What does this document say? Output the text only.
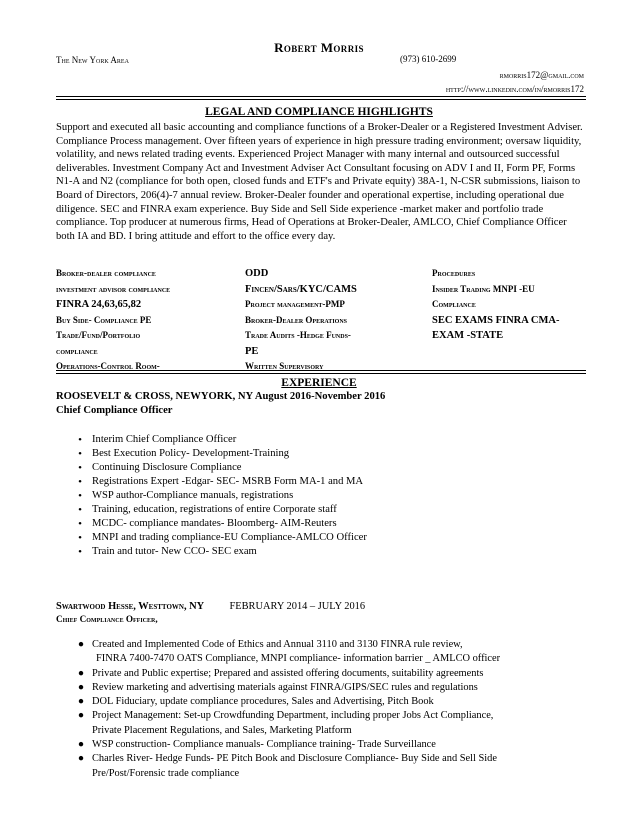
Robert Morris
The New York Area	(973) 610-2699
rmorris172@gmail.com
http://www.linkedin.com/in/rmorris172
LEGAL AND COMPLIANCE HIGHLIGHTS
Support and executed all basic accounting and compliance functions of a Broker-Dealer or a Registered Investment Adviser. Compliance Process management. Over fifteen years of experience in high pressure trading environment; oversaw liquidity, volatility, and news related trading events. Experienced Project Manager with many internal and outsourced successful deliverables. Investment Company Act and Investment Adviser Act Consultant focusing on ADV I and II, Form PF, Forms N1-A and N2 (compliance for both open, closed funds and ETF's and Private equity) 38A-1, N-CSR submissions, liaison to Board of Directors, 206(4)-7 annual review. Broker-Dealer founder and operational expertise, including operational due diligence. SEC and FINRA exam experience. Buy Side and Sell Side experience -market maker and portfolio trade compliance. Top producer at numerous firms, Head of Operations at Broker-Dealer, AMLCO, Chief Compliance Officer both IA and BD. I bring attitude and effort to the office every day.
Broker-dealer compliance
investment advisor compliance
FINRA 24,63,65,82
Buy Side- Compliance PE
Trade/Fund/Portfolio
compliance
Operations-Control Room-
ODD
Fincen/Sars/KYC/CAMS
Project management-PMP
Broker-Dealer Operations
Trade Audits -Hedge Funds-
PE
Written Supervisory
Procedures
Insider Trading MNPI -EU
Compliance
SEC EXAMS FINRA CMA-
EXAM -STATE
EXPERIENCE
ROOSEVELT & CROSS, NEWYORK, NY August 2016-November 2016
Chief Compliance Officer
• Interim Chief Compliance Officer
• Best Execution Policy- Development-Training
• Continuing Disclosure Compliance
• Registrations Expert -Edgar- SEC- MSRB Form MA-1 and MA
• WSP author-Compliance manuals, registrations
• Training, education, registrations of entire Corporate staff
• MCDC- compliance mandates- Bloomberg- AIM-Reuters
• MNPI and trading compliance-EU Compliance-AMLCO Officer
• Train and tutor- New CCO- SEC exam
Swartwood Hesse, Westtown, NY FEBRUARY 2014 – JULY 2016
Chief Compliance Officer,
● Created and Implemented Code of Ethics and Annual 3110 and 3130 FINRA rule review,
FINRA 7400-7470 OATS Compliance, MNPI compliance- information barrier _ AMLCO officer
● Private and Public expertise; Prepared and assisted offering documents, suitability agreements
● Review marketing and advertising materials against FINRA/GIPS/SEC rules and regulations
● DOL Fiduciary, update compliance procedures, Sales and Advertising, Pitch Book
● Project Management: Set-up Crowdfunding Department, including proper Jobs Act Compliance,
Private Placement Regulations, and Sales, Marketing Platform
● WSP construction- Compliance manuals- Compliance training- Trade Surveillance
● Charles River- Hedge Funds- PE Pitch Book and Disclosure Compliance- Buy Side and Sell Side
Pre/Post/Forensic trade compliance
